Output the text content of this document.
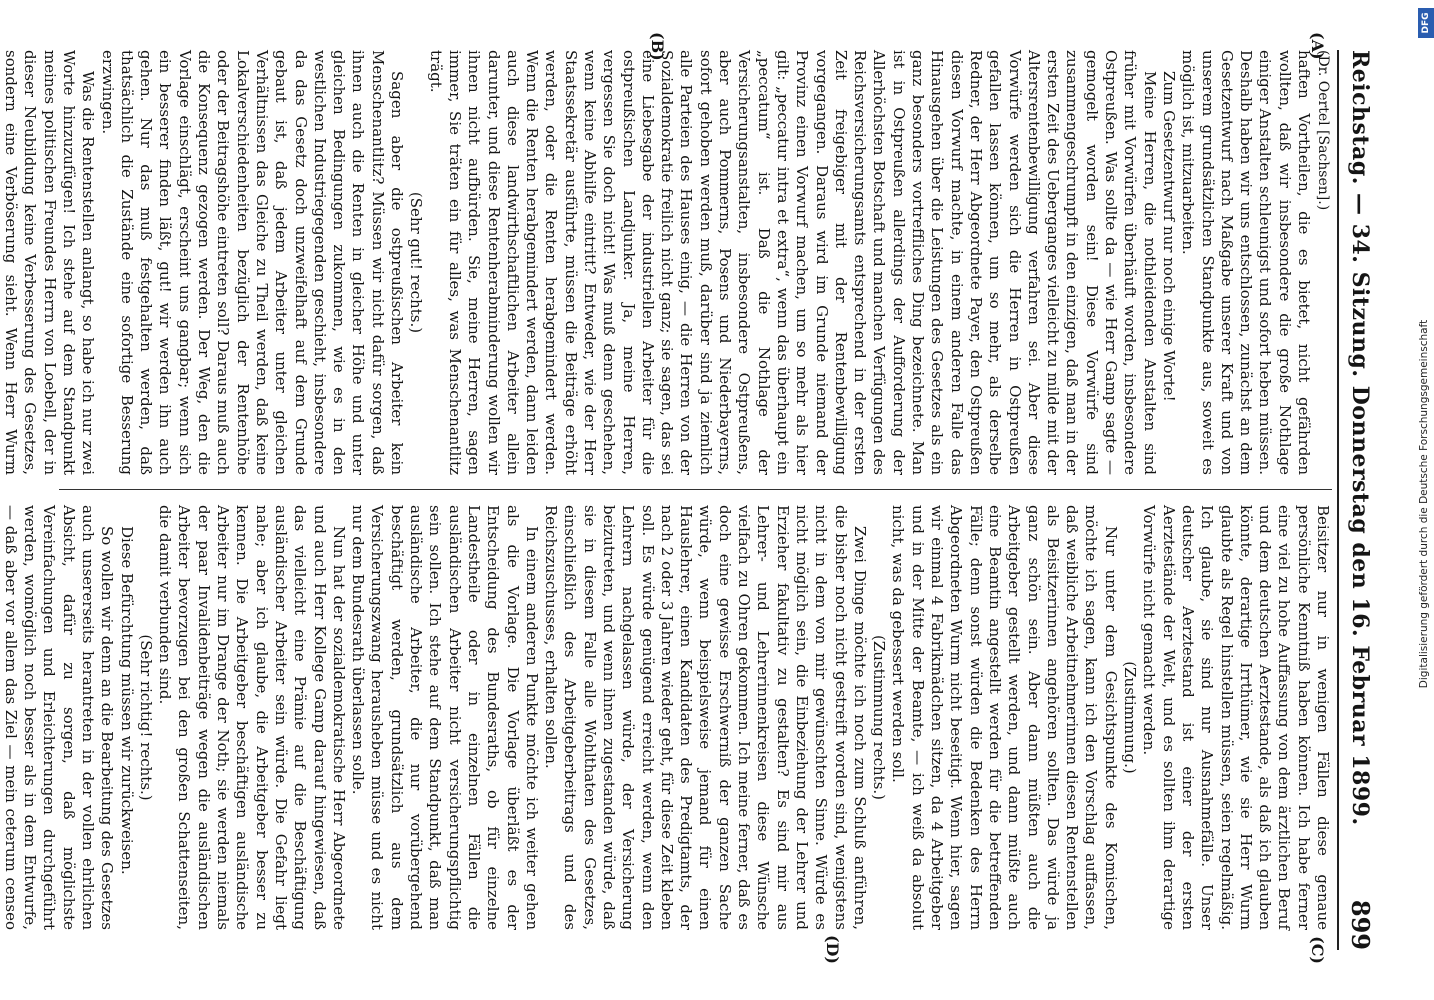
Reichstag. — 34. Sitzung. Donnerstag den 16. Februar 1899.
899
(A)
(B)
(C)
(D)

(Dr. Oertel [Sachsen].)

haften Vortheilen, die es bietet, nicht gefährden wollten, daß wir insbesondere die große Nothlage einiger Anstalten schleunigst und sofort heben müssen. Deshalb haben wir uns entschlossen, zunächst an dem Gesetzentwurf nach Maßgabe unserer Kraft und von unserem grundsätzlichen Standpunkte aus, soweit es möglich ist, mitzuarbeiten.

Zum Gesetzentwurf nur noch einige Worte!

Meine Herren, die nothleidenden Anstalten sind früher mit Vorwürfen überhäuft worden, insbesondere Ostpreußen. Was sollte da — wie Herr Gamp sagte — gemogelt worden sein! Diese Vorwürfe sind zusammengeschrumpft in den einzigen, daß man in der ersten Zeit des Ueberganges vielleicht zu milde mit der Altersrentenbewilligung verfahren sei. Aber diese Vorwürfe werden sich die Herren in Ostpreußen gefallen lassen können, um so mehr, als derselbe Redner, der Herr Abgeordnete Payer, den Ostpreußen diesen Vorwurf machte, in einem anderen Falle das Hinausgehen über die Leistungen des Gesetzes als ein ganz besonders vortreffliches Ding bezeichnete. Man ist in Ostpreußen allerdings der Aufforderung der Allerhöchsten Botschaft und manchen Verfügungen des Reichsversicherungsamts entsprechend in der ersten Zeit freigebiger mit der Rentenbewilligung vorgegangen. Daraus wird im Grunde niemand der Provinz einen Vorwurf machen, um so mehr als hier gilt: „peccatur intra et extra“, wenn das überhaupt ein „peccatum“ ist. Daß die Nothlage der Versicherungsanstalten, insbesondere Ostpreußens, aber auch Pommerns, Posens und Niederbayerns, sofort gehoben werden muß, darüber sind ja ziemlich alle Parteien des Hauses einig, — die Herren von der Sozialdemokratie freilich nicht ganz; sie sagen, das sei eine Liebesgabe der industriellen Arbeiter für die ostpreußischen Landjunker. Ja, meine Herren, vergessen Sie doch nicht! Was muß denn geschehen, wenn keine Abhilfe eintritt? Entweder, wie der Herr Staatssekretär ausführte, müssen die Beiträge erhöht werden, oder die Renten herabgemindert werden. Wenn die Renten herabgemindert werden, dann leiden auch diese landwirthschaftlichen Arbeiter allein darunter, und diese Rentenherabminderung wollen wir ihnen nicht aufbürden. Sie, meine Herren, sagen immer, Sie träten ein für alles, was Menschenantlitz trägt.

(Sehr gut! rechts.)

Sagen aber die ostpreußischen Arbeiter kein Menschenantlitz? Müssen wir nicht dafür sorgen, daß ihnen auch die Renten in gleicher Höhe und unter gleichen Bedingungen zukommen, wie es in den westlichen Industriegegenden geschieht, insbesondere da das Gesetz doch unzweifelhaft auf dem Grunde gebaut ist, daß jedem Arbeiter unter gleichen Verhältnissen das Gleiche zu Theil werden, daß keine Lokalverschiedenheiten bezüglich der Rentenhöhe oder der Beitragshöhe eintreten soll? Daraus muß auch die Konsequenz gezogen werden. Der Weg, den die Vorlage einschlägt, erscheint uns gangbar; wenn sich ein besserer finden läßt, gut! wir werden ihn auch gehen. Nur das muß festgehalten werden, daß thatsächlich die Zustände eine sofortige Besserung erzwingen.

Was die Rentenstellen anlangt, so habe ich nur zwei Worte hinzuzufügen! Ich stehe auf dem Standpunkt meines politischen Freundes Herrn von Loebell, der in dieser Neubildung keine Verbesserung des Gesetzes, sondern eine Verböserung sieht. Wenn Herr Wurm

Beisitzer nur in wenigen Fällen diese genaue persönliche Kenntniß haben können. Ich habe ferner eine viel zu hohe Auffassung von dem ärztlichen Beruf und dem deutschen Aerztestande, als daß ich glauben könnte, derartige Irrthümer, wie sie Herr Wurm glaubte als Regel hinstellen müssen, seien regelmäßig. Ich glaube, sie sind nur Ausnahmefälle. Unser deutscher Aerztestand ist einer der ersten Aerztestände der Welt, und es sollten ihm derartige Vorwürfe nicht gemacht werden.

(Zustimmung.)

Nur unter dem Gesichtspunkte des Komischen, möchte ich sagen, kann ich den Vorschlag auffassen, daß weibliche Arbeitnehmerinnen diesen Rentenstellen als Beisitzerinnen angehören sollten. Das würde ja ganz schön sein. Aber dann müßten auch die Arbeitgeber gestellt werden, und dann müßte auch eine Beamtin angestellt werden für die betreffenden Fälle; denn sonst würden die Bedenken des Herrn Abgeordneten Wurm nicht beseitigt. Wenn hier, sagen wir einmal 4 Fabrikmädchen sitzen, da 4 Arbeitgeber und in der Mitte der Beamte, — ich weiß da absolut nicht, was da gebessert werden soll.

(Zustimmung rechts.)

Zwei Dinge möchte ich noch zum Schluß anführen, die bisher noch nicht gestreift worden sind, wenigstens nicht in dem von mir gewünschten Sinne. Würde es nicht möglich sein, die Einbeziehung der Lehrer und Erzieher fakultativ zu gestalten? Es sind mir aus Lehrer- und Lehrerinnenkreisen diese Wünsche vielfach zu Ohren gekommen. Ich meine ferner, daß es doch eine gewisse Erschwerniß der ganzen Sache würde, wenn beispielsweise jemand für einen Hauslehrer, einen Kandidaten des Predigtamts, der nach 2 oder 3 Jahren wieder geht, für diese Zeit kleben soll. Es würde genügend erreicht werden, wenn den Lehrern nachgelassen würde, der Versicherung beizutreten, und wenn ihnen zugestanden würde, daß sie in diesem Falle alle Wohlthaten des Gesetzes, einschließlich des Arbeitgeberbeitrags und des Reichszuschusses, erhalten sollen.

In einem anderen Punkte möchte ich weiter gehen als die Vorlage. Die Vorlage überläßt es der Entscheidung des Bundesraths, ob für einzelne Landestheile oder in einzelnen Fällen die ausländischen Arbeiter nicht versicherungspflichtig sein sollen. Ich stehe auf dem Standpunkt, daß man ausländische Arbeiter, die nur vorübergehend beschäftigt werden, grundsätzlich aus dem Versicherungszwang herausheben müsse und es nicht nur dem Bundesrath überlassen solle.

Nun hat der sozialdemokratische Herr Abgeordnete und auch Herr Kollege Gamp darauf hingewiesen, daß das vielleicht eine Prämie auf die Beschäftigung ausländischer Arbeiter sein würde. Die Gefahr liegt nahe; aber ich glaube, die Arbeitgeber besser zu kennen. Die Arbeitgeber beschäftigen ausländische Arbeiter nur im Drange der Noth; sie werden niemals der paar Invalidenbeiträge wegen die ausländischen Arbeiter bevorzugen bei den großen Schattenseiten, die damit verbunden sind.

(Sehr richtig! rechts.)

Diese Befürchtung müssen wir zurückweisen.

So wollen wir denn an die Bearbeitung des Gesetzes auch unsererseits herantreten in der vollen ehrlichen Absicht, dafür zu sorgen, daß möglichste Vereinfachungen und Erleichterungen durchgeführt werden, womöglich noch besser als in dem Entwurfe, — daß aber vor allem das Ziel — mein ceterum censeo

Digitalisierung gefördert durch die Deutsche Forschungsgemeinschaft
DFG
